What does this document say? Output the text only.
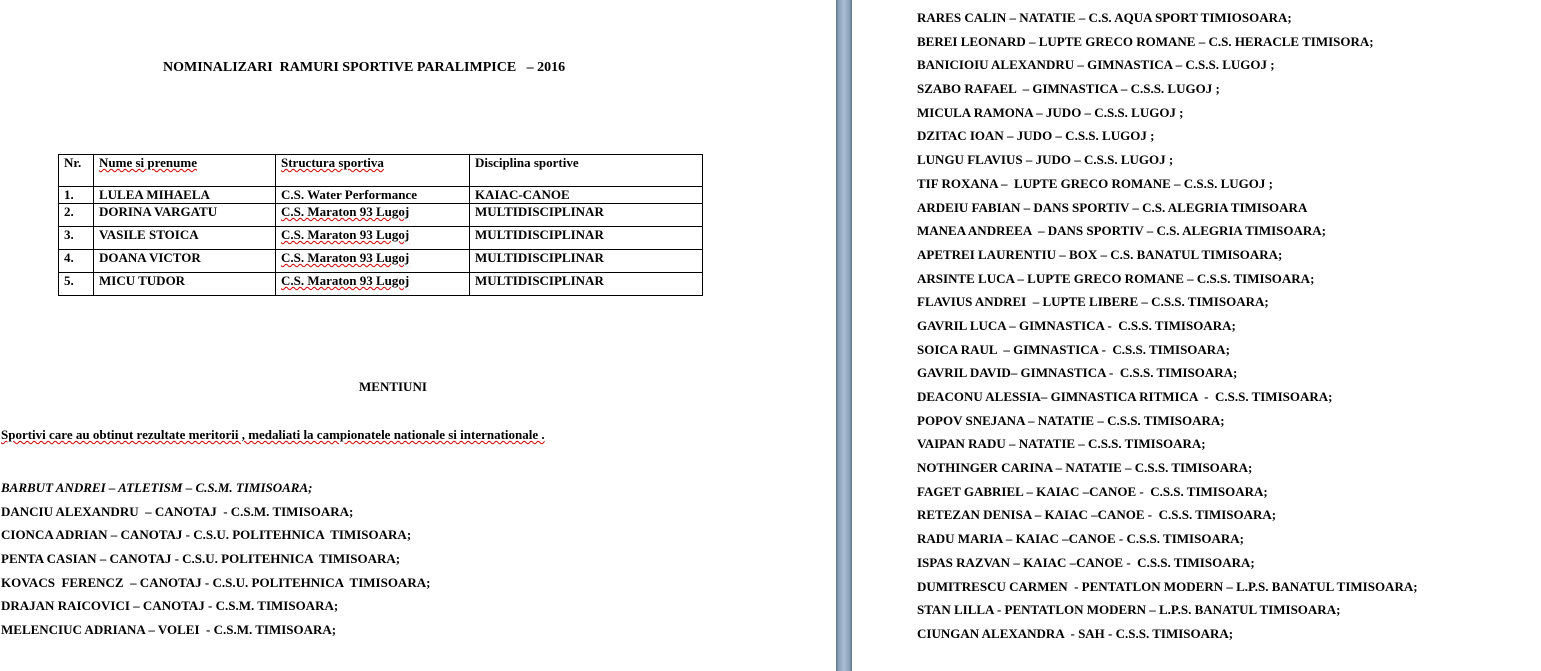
NOMINALIZARI  RAMURI SPORTIVE PARALIMPICE   – 2016
Nr.	Nume si prenume	Structura sportiva	Disciplina sportive
1.	LULEA MIHAELA	C.S. Water Performance	KAIAC-CANOE
2.	DORINA VARGATU	C.S. Maraton 93 Lugoj	MULTIDISCIPLINAR
3.	VASILE STOICA	C.S. Maraton 93 Lugoj	MULTIDISCIPLINAR
4.	DOANA VICTOR	C.S. Maraton 93 Lugoj	MULTIDISCIPLINAR
5.	MICU TUDOR	C.S. Maraton 93 Lugoj	MULTIDISCIPLINAR
MENTIUNI
Sportivi care au obtinut rezultate meritorii , medaliati la campionatele nationale si internationale .
BARBUT ANDREI – ATLETISM – C.S.M. TIMISOARA;
DANCIU ALEXANDRU  – CANOTAJ  - C.S.M. TIMISOARA;
CIONCA ADRIAN – CANOTAJ - C.S.U. POLITEHNICA  TIMISOARA;
PENTA CASIAN – CANOTAJ - C.S.U. POLITEHNICA  TIMISOARA;
KOVACS  FERENCZ  – CANOTAJ - C.S.U. POLITEHNICA  TIMISOARA;
DRAJAN RAICOVICI – CANOTAJ - C.S.M. TIMISOARA;
MELENCIUC ADRIANA – VOLEI  - C.S.M. TIMISOARA;
RARES CALIN – NATATIE – C.S. AQUA SPORT TIMIOSOARA;
BEREI LEONARD – LUPTE GRECO ROMANE – C.S. HERACLE TIMISORA;
BANICIOIU ALEXANDRU – GIMNASTICA – C.S.S. LUGOJ ;
SZABO RAFAEL  – GIMNASTICA – C.S.S. LUGOJ ;
MICULA RAMONA – JUDO – C.S.S. LUGOJ ;
DZITAC IOAN – JUDO – C.S.S. LUGOJ ;
LUNGU FLAVIUS – JUDO – C.S.S. LUGOJ ;
TIF ROXANA –  LUPTE GRECO ROMANE – C.S.S. LUGOJ ;
ARDEIU FABIAN – DANS SPORTIV – C.S. ALEGRIA TIMISOARA
MANEA ANDREEA  – DANS SPORTIV – C.S. ALEGRIA TIMISOARA;
APETREI LAURENTIU – BOX – C.S. BANATUL TIMISOARA;
ARSINTE LUCA – LUPTE GRECO ROMANE – C.S.S. TIMISOARA;
FLAVIUS ANDREI  – LUPTE LIBERE – C.S.S. TIMISOARA;
GAVRIL LUCA – GIMNASTICA -  C.S.S. TIMISOARA;
SOICA RAUL  – GIMNASTICA -  C.S.S. TIMISOARA;
GAVRIL DAVID– GIMNASTICA -  C.S.S. TIMISOARA;
DEACONU ALESSIA– GIMNASTICA RITMICA  -  C.S.S. TIMISOARA;
POPOV SNEJANA – NATATIE – C.S.S. TIMISOARA;
VAIPAN RADU – NATATIE – C.S.S. TIMISOARA;
NOTHINGER CARINA – NATATIE – C.S.S. TIMISOARA;
FAGET GABRIEL – KAIAC –CANOE -  C.S.S. TIMISOARA;
RETEZAN DENISA – KAIAC –CANOE -  C.S.S. TIMISOARA;
RADU MARIA – KAIAC –CANOE - C.S.S. TIMISOARA;
ISPAS RAZVAN – KAIAC –CANOE -  C.S.S. TIMISOARA;
DUMITRESCU CARMEN  - PENTATLON MODERN – L.P.S. BANATUL TIMISOARA;
STAN LILLA - PENTATLON MODERN – L.P.S. BANATUL TIMISOARA;
CIUNGAN ALEXANDRA  - SAH - C.S.S. TIMISOARA;
